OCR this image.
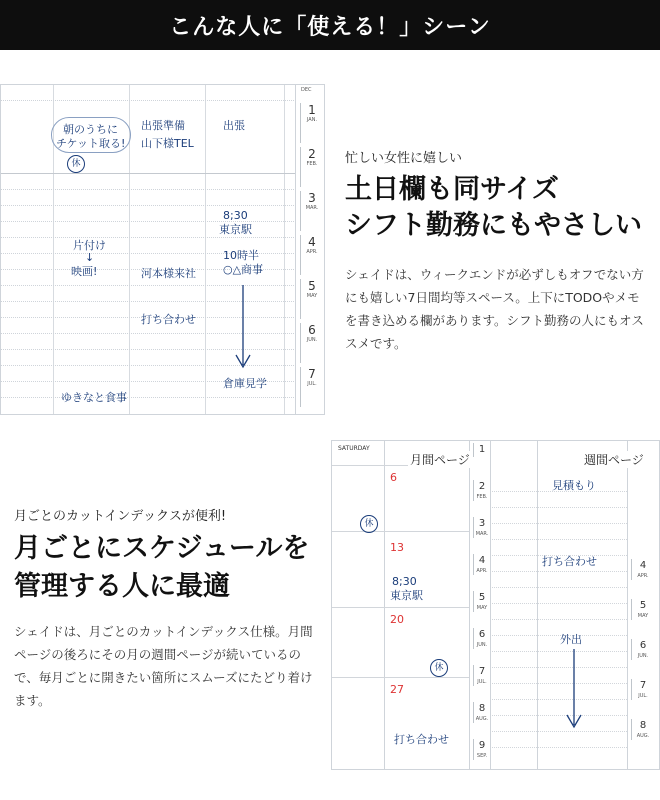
こんな人に「使える！」シーン
朝のうちに
チケット取る!
休
出張準備
山下様TEL
出張
片付け
↓
映画!	河本様来社
8;30
東京駅
10時半
○△商事
打ち合わせ
ゆきなと食事
倉庫見学
DEC
1
JAN.
2
FEB.
3
MAR.
4
APR.
5
MAY
6
JUN.
7
JUL.
忙しい女性に嬉しい
土日欄も同サイズ
シフト勤務にもやさしい
シェイドは、ウィークエンドが必ずしもオフでない方にも嬉しい7日間均等スペース。上下にTODOやメモを書き込める欄があります。シフト勤務の人にもオススメです。
月ごとのカットインデックスが便利!
月ごとにスケジュールを
管理する人に最適
シェイドは、月ごとのカットインデックス仕様。月間ページの後ろにその月の週間ページが続いているので、毎月ごとに開きたい箇所にスムーズにたどり着けます。
SATURDAY
6
13
20
27
休
8;30
東京駅
休
打ち合わせ
見積もり
打ち合わせ
外出
月間ページ	週間ページ
1
2
FEB.
3
MAR.
4
APR.
5
MAY
6
JUN.
7
JUL.
8
AUG.
9
SEP.
4
APR.
5
MAY
6
JUN.
7
JUL.
8
AUG.
